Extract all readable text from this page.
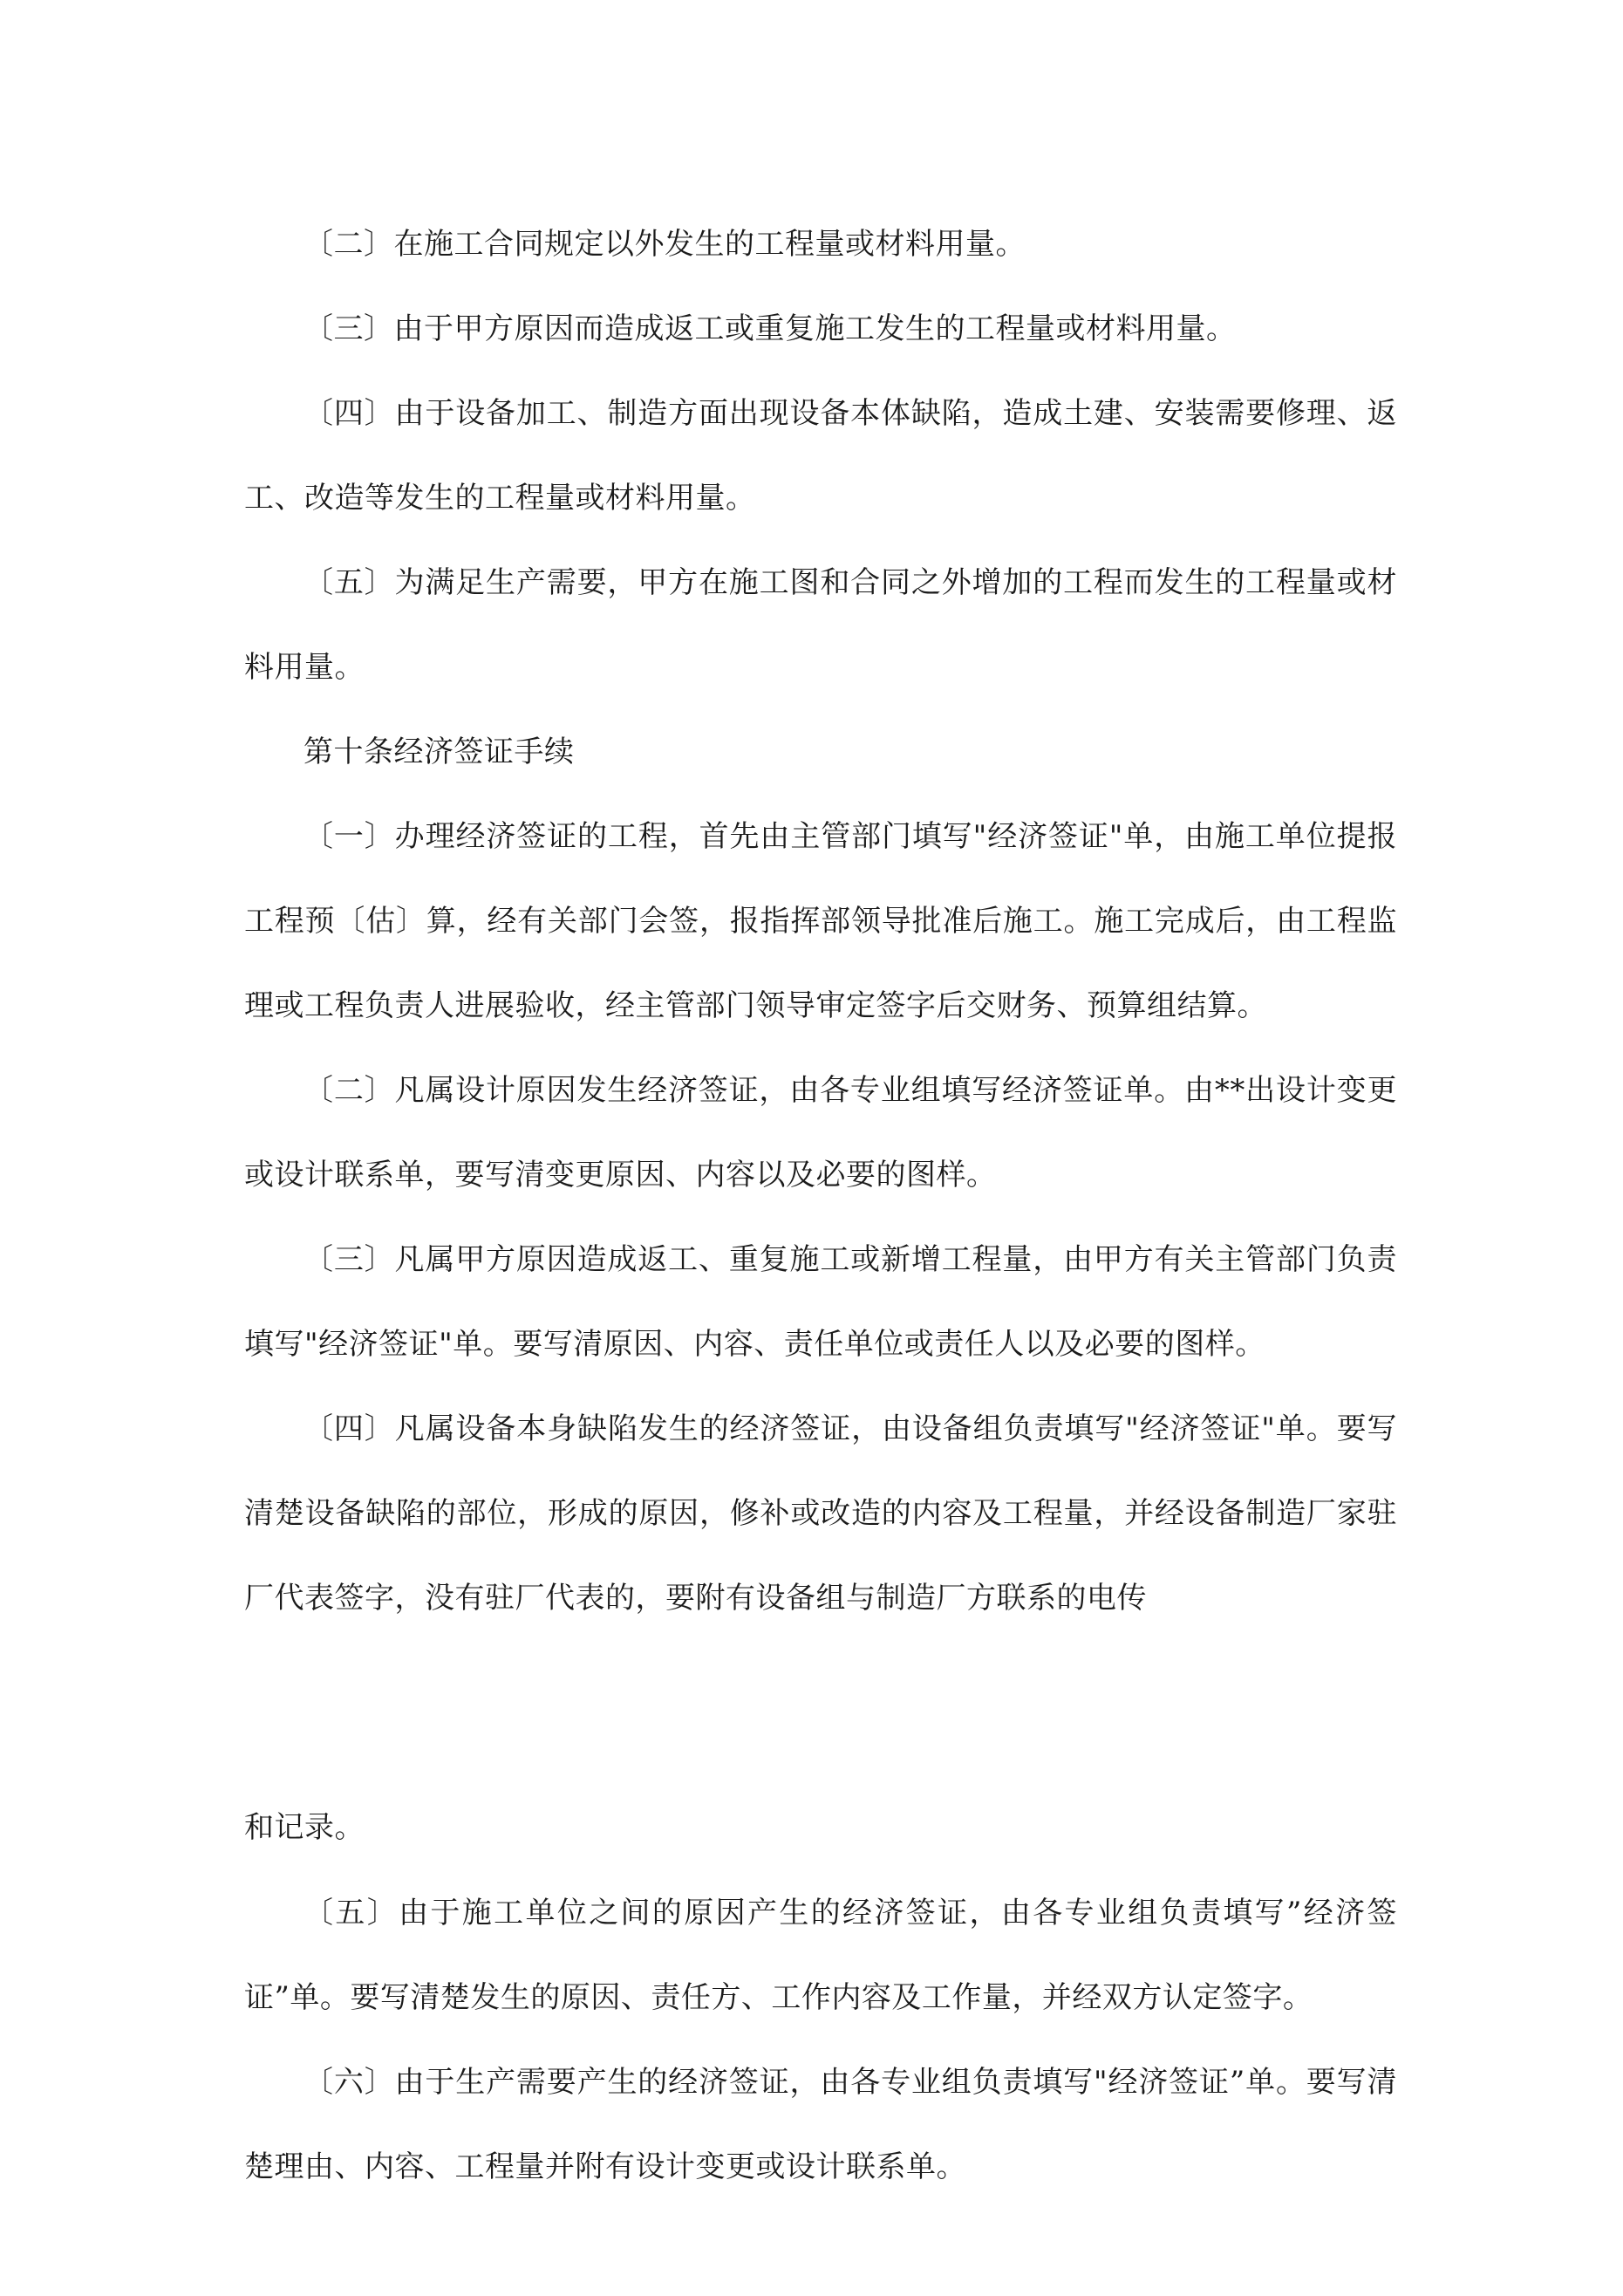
〔二〕在施工合同规定以外发生的工程量或材料用量。

〔三〕由于甲方原因而造成返工或重复施工发生的工程量或材料用量。

〔四〕由于设备加工、制造方面出现设备本体缺陷，造成土建、安装需要修理、返工、改造等发生的工程量或材料用量。

〔五〕为满足生产需要，甲方在施工图和合同之外增加的工程而发生的工程量或材料用量。

第十条经济签证手续

〔一〕办理经济签证的工程，首先由主管部门填写"经济签证"单，由施工单位提报工程预〔估〕算，经有关部门会签，报指挥部领导批准后施工。施工完成后，由工程监理或工程负责人进展验收，经主管部门领导审定签字后交财务、预算组结算。

〔二〕凡属设计原因发生经济签证，由各专业组填写经济签证单。由**出设计变更或设计联系单，要写清变更原因、内容以及必要的图样。

〔三〕凡属甲方原因造成返工、重复施工或新增工程量，由甲方有关主管部门负责填写"经济签证"单。要写清原因、内容、责任单位或责任人以及必要的图样。

〔四〕凡属设备本身缺陷发生的经济签证，由设备组负责填写"经济签证"单。要写清楚设备缺陷的部位，形成的原因，修补或改造的内容及工程量，并经设备制造厂家驻厂代表签字，没有驻厂代表的，要附有设备组与制造厂方联系的电传

和记录。

〔五〕由于施工单位之间的原因产生的经济签证，由各专业组负责填写”经济签证”单。要写清楚发生的原因、责任方、工作内容及工作量，并经双方认定签字。

〔六〕由于生产需要产生的经济签证，由各专业组负责填写"经济签证”单。要写清楚理由、内容、工程量并附有设计变更或设计联系单。
